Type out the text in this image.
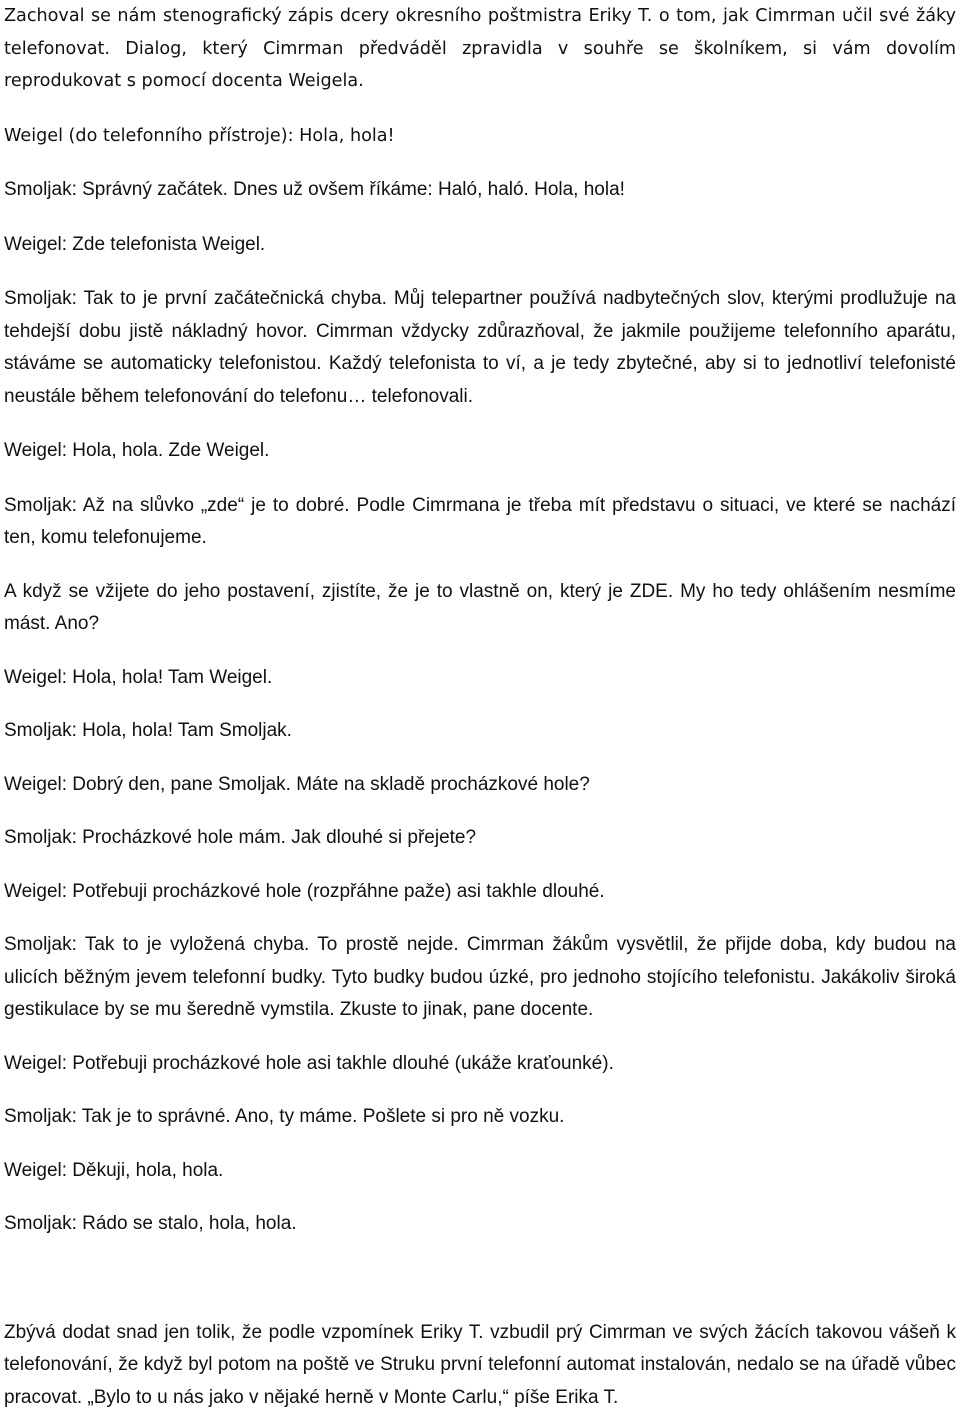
Zachoval se nám stenografický zápis dcery okresního poštmistra Eriky T. o tom, jak Cimrman učil své žáky telefonovat. Dialog, který Cimrman předváděl zpravidla v souhře se školníkem, si vám dovolím reprodukovat s pomocí docenta Weigela.

Weigel (do telefonního přístroje): Hola, hola!

Smoljak: Správný začátek. Dnes už ovšem říkáme: Haló, haló. Hola, hola!

Weigel: Zde telefonista Weigel.

Smoljak: Tak to je první začátečnická chyba. Můj telepartner používá nadbytečných slov, kterými prodlužuje na tehdejší dobu jistě nákladný hovor. Cimrman vždycky zdůrazňoval, že jakmile použijeme telefonního aparátu, stáváme se automaticky telefonistou. Každý telefonista to ví, a je tedy zbytečné, aby si to jednotliví telefonisté neustále během telefonování do telefonu… telefonovali.

Weigel: Hola, hola. Zde Weigel.

Smoljak: Až na slůvko „zde“ je to dobré. Podle Cimrmana je třeba mít představu o situaci, ve které se nachází ten, komu telefonujeme.

A když se vžijete do jeho postavení, zjistíte, že je to vlastně on, který je ZDE. My ho tedy ohlášením nesmíme mást. Ano?

Weigel: Hola, hola! Tam Weigel.

Smoljak: Hola, hola! Tam Smoljak.

Weigel: Dobrý den, pane Smoljak. Máte na skladě procházkové hole?

Smoljak: Procházkové hole mám. Jak dlouhé si přejete?

Weigel: Potřebuji procházkové hole (rozpřáhne paže) asi takhle dlouhé.

Smoljak: Tak to je vyložená chyba. To prostě nejde. Cimrman žákům vysvětlil, že přijde doba, kdy budou na ulicích běžným jevem telefonní budky. Tyto budky budou úzké, pro jednoho stojícího telefonistu. Jakákoliv široká gestikulace by se mu šeredně vymstila. Zkuste to jinak, pane docente.

Weigel: Potřebuji procházkové hole asi takhle dlouhé (ukáže kraťounké).

Smoljak: Tak je to správné. Ano, ty máme. Pošlete si pro ně vozku.

Weigel: Děkuji, hola, hola.

Smoljak: Rádo se stalo, hola, hola.

Zbývá dodat snad jen tolik, že podle vzpomínek Eriky T. vzbudil prý Cimrman ve svých žácích takovou vášeň k telefonování, že když byl potom na poště ve Struku první telefonní automat instalován, nedalo se na úřadě vůbec pracovat. „Bylo to u nás jako v nějaké herně v Monte Carlu,“ píše Erika T.
